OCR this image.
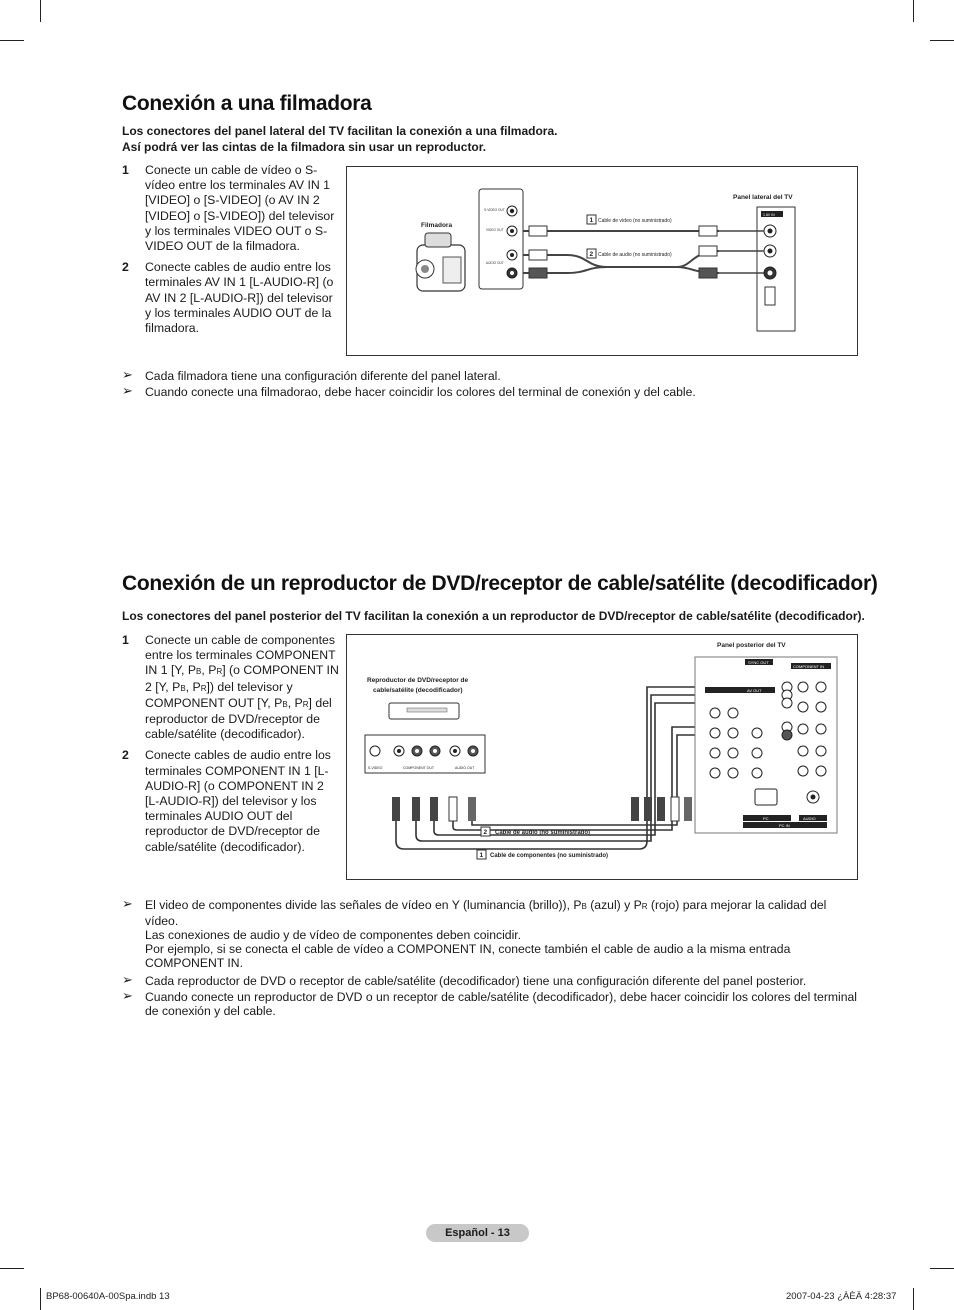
Conexión a una filmadora

Los conectores del panel lateral del TV facilitan la conexión a una filmadora.
Así podrá ver las cintas de la filmadora sin usar un reproductor.

1 Conecte un cable de vídeo o S-vídeo entre los terminales AV IN 1 [VIDEO] o [S-VIDEO] (o AV IN 2 [VIDEO] o [S-VIDEO]) del televisor y los terminales VIDEO OUT o S-VIDEO OUT de la filmadora.
2 Conecte cables de audio entre los terminales AV IN 1 [L-AUDIO-R] (o AV IN 2 [L-AUDIO-R]) del televisor y los terminales AUDIO OUT de la filmadora.
Filmadora
S-VIDEO OUT
VIDEO OUT
AUDIO OUT
1 Cable de vídeo (no suministrado)
2 Cable de audio (no suministrado)
1 AV IN
Panel lateral del TV
➢ Cada filmadora tiene una configuración diferente del panel lateral.

➢ Cuando conecte una filmadorao, debe hacer coincidir los colores del terminal de conexión y del cable.

Conexión de un reproductor de DVD/receptor de cable/satélite (decodificador)

Los conectores del panel posterior del TV facilitan la conexión a un reproductor de DVD/receptor de cable/satélite (decodificador).

1 Conecte un cable de componentes entre los terminales COMPONENT IN 1 [Y, PB, PR] (o COMPONENT IN 2 [Y, PB, PR]) del televisor y COMPONENT OUT [Y, PB, PR] del reproductor de DVD/receptor de cable/satélite (decodificador).
2 Conecte cables de audio entre los terminales COMPONENT IN 1 [L-AUDIO-R] (o COMPONENT IN 2 [L-AUDIO-R]) del televisor y los terminales AUDIO OUT del reproductor de DVD/receptor de cable/satélite (decodificador).
Reproductor de DVD/receptor de
cable/satélite (decodificador)
S-VIDEO	COMPONENT OUT	AUDIO OUT
2 Cable de audio (no suministrado)
1 Cable de componentes (no suministrado)
Panel posterior del TV
SYNC OUT
COMPONENT IN
AV OUT
PC	AUDIO
PC IN
➢ El video de componentes divide las señales de vídeo en Y (luminancia (brillo)), PB (azul) y PR (rojo) para mejorar la calidad del vídeo.

Las conexiones de audio y de vídeo de componentes deben coincidir.

Por ejemplo, si se conecta el cable de vídeo a COMPONENT IN, conecte también el cable de audio a la misma entrada COMPONENT IN.

➢ Cada reproductor de DVD o receptor de cable/satélite (decodificador) tiene una configuración diferente del panel posterior.

➢ Cuando conecte un reproductor de DVD o un receptor de cable/satélite (decodificador), debe hacer coincidir los colores del terminal de conexión y del cable.

Español - 13
BP68-00640A-00Spa.indb 13	2007-04-23 ¿ÀÈÄ 4:28:37
